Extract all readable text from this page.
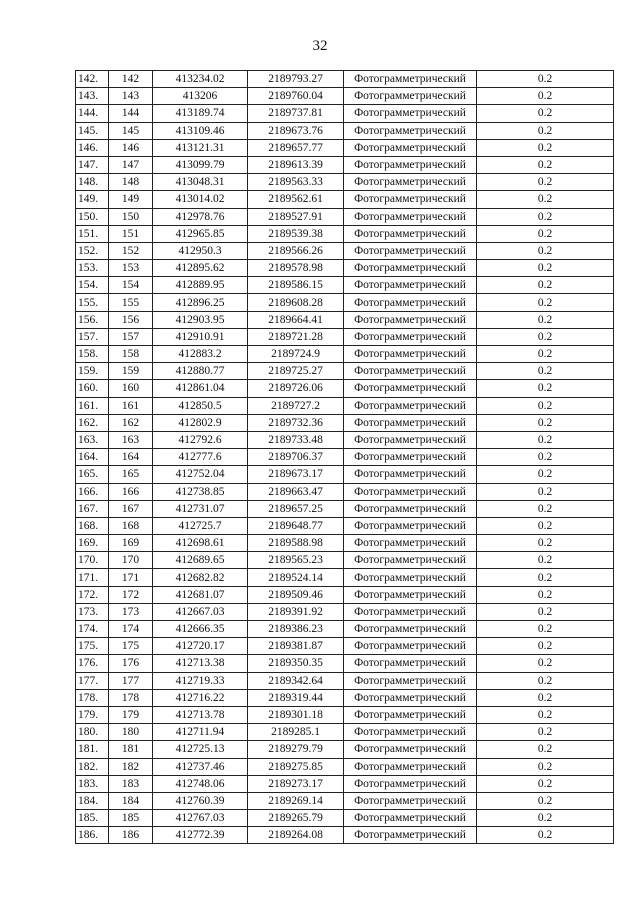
32
142.	142	413234.02	2189793.27	Фотограмметрический	0.2
143.	143	413206	2189760.04	Фотограмметрический	0.2
144.	144	413189.74	2189737.81	Фотограмметрический	0.2
145.	145	413109.46	2189673.76	Фотограмметрический	0.2
146.	146	413121.31	2189657.77	Фотограмметрический	0.2
147.	147	413099.79	2189613.39	Фотограмметрический	0.2
148.	148	413048.31	2189563.33	Фотограмметрический	0.2
149.	149	413014.02	2189562.61	Фотограмметрический	0.2
150.	150	412978.76	2189527.91	Фотограмметрический	0.2
151.	151	412965.85	2189539.38	Фотограмметрический	0.2
152.	152	412950.3	2189566.26	Фотограмметрический	0.2
153.	153	412895.62	2189578.98	Фотограмметрический	0.2
154.	154	412889.95	2189586.15	Фотограмметрический	0.2
155.	155	412896.25	2189608.28	Фотограмметрический	0.2
156.	156	412903.95	2189664.41	Фотограмметрический	0.2
157.	157	412910.91	2189721.28	Фотограмметрический	0.2
158.	158	412883.2	2189724.9	Фотограмметрический	0.2
159.	159	412880.77	2189725.27	Фотограмметрический	0.2
160.	160	412861.04	2189726.06	Фотограмметрический	0.2
161.	161	412850.5	2189727.2	Фотограмметрический	0.2
162.	162	412802.9	2189732.36	Фотограмметрический	0.2
163.	163	412792.6	2189733.48	Фотограмметрический	0.2
164.	164	412777.6	2189706.37	Фотограмметрический	0.2
165.	165	412752.04	2189673.17	Фотограмметрический	0.2
166.	166	412738.85	2189663.47	Фотограмметрический	0.2
167.	167	412731.07	2189657.25	Фотограмметрический	0.2
168.	168	412725.7	2189648.77	Фотограмметрический	0.2
169.	169	412698.61	2189588.98	Фотограмметрический	0.2
170.	170	412689.65	2189565.23	Фотограмметрический	0.2
171.	171	412682.82	2189524.14	Фотограмметрический	0.2
172.	172	412681.07	2189509.46	Фотограмметрический	0.2
173.	173	412667.03	2189391.92	Фотограмметрический	0.2
174.	174	412666.35	2189386.23	Фотограмметрический	0.2
175.	175	412720.17	2189381.87	Фотограмметрический	0.2
176.	176	412713.38	2189350.35	Фотограмметрический	0.2
177.	177	412719.33	2189342.64	Фотограмметрический	0.2
178.	178	412716.22	2189319.44	Фотограмметрический	0.2
179.	179	412713.78	2189301.18	Фотограмметрический	0.2
180.	180	412711.94	2189285.1	Фотограмметрический	0.2
181.	181	412725.13	2189279.79	Фотограмметрический	0.2
182.	182	412737.46	2189275.85	Фотограмметрический	0.2
183.	183	412748.06	2189273.17	Фотограмметрический	0.2
184.	184	412760.39	2189269.14	Фотограмметрический	0.2
185.	185	412767.03	2189265.79	Фотограмметрический	0.2
186.	186	412772.39	2189264.08	Фотограмметрический	0.2
